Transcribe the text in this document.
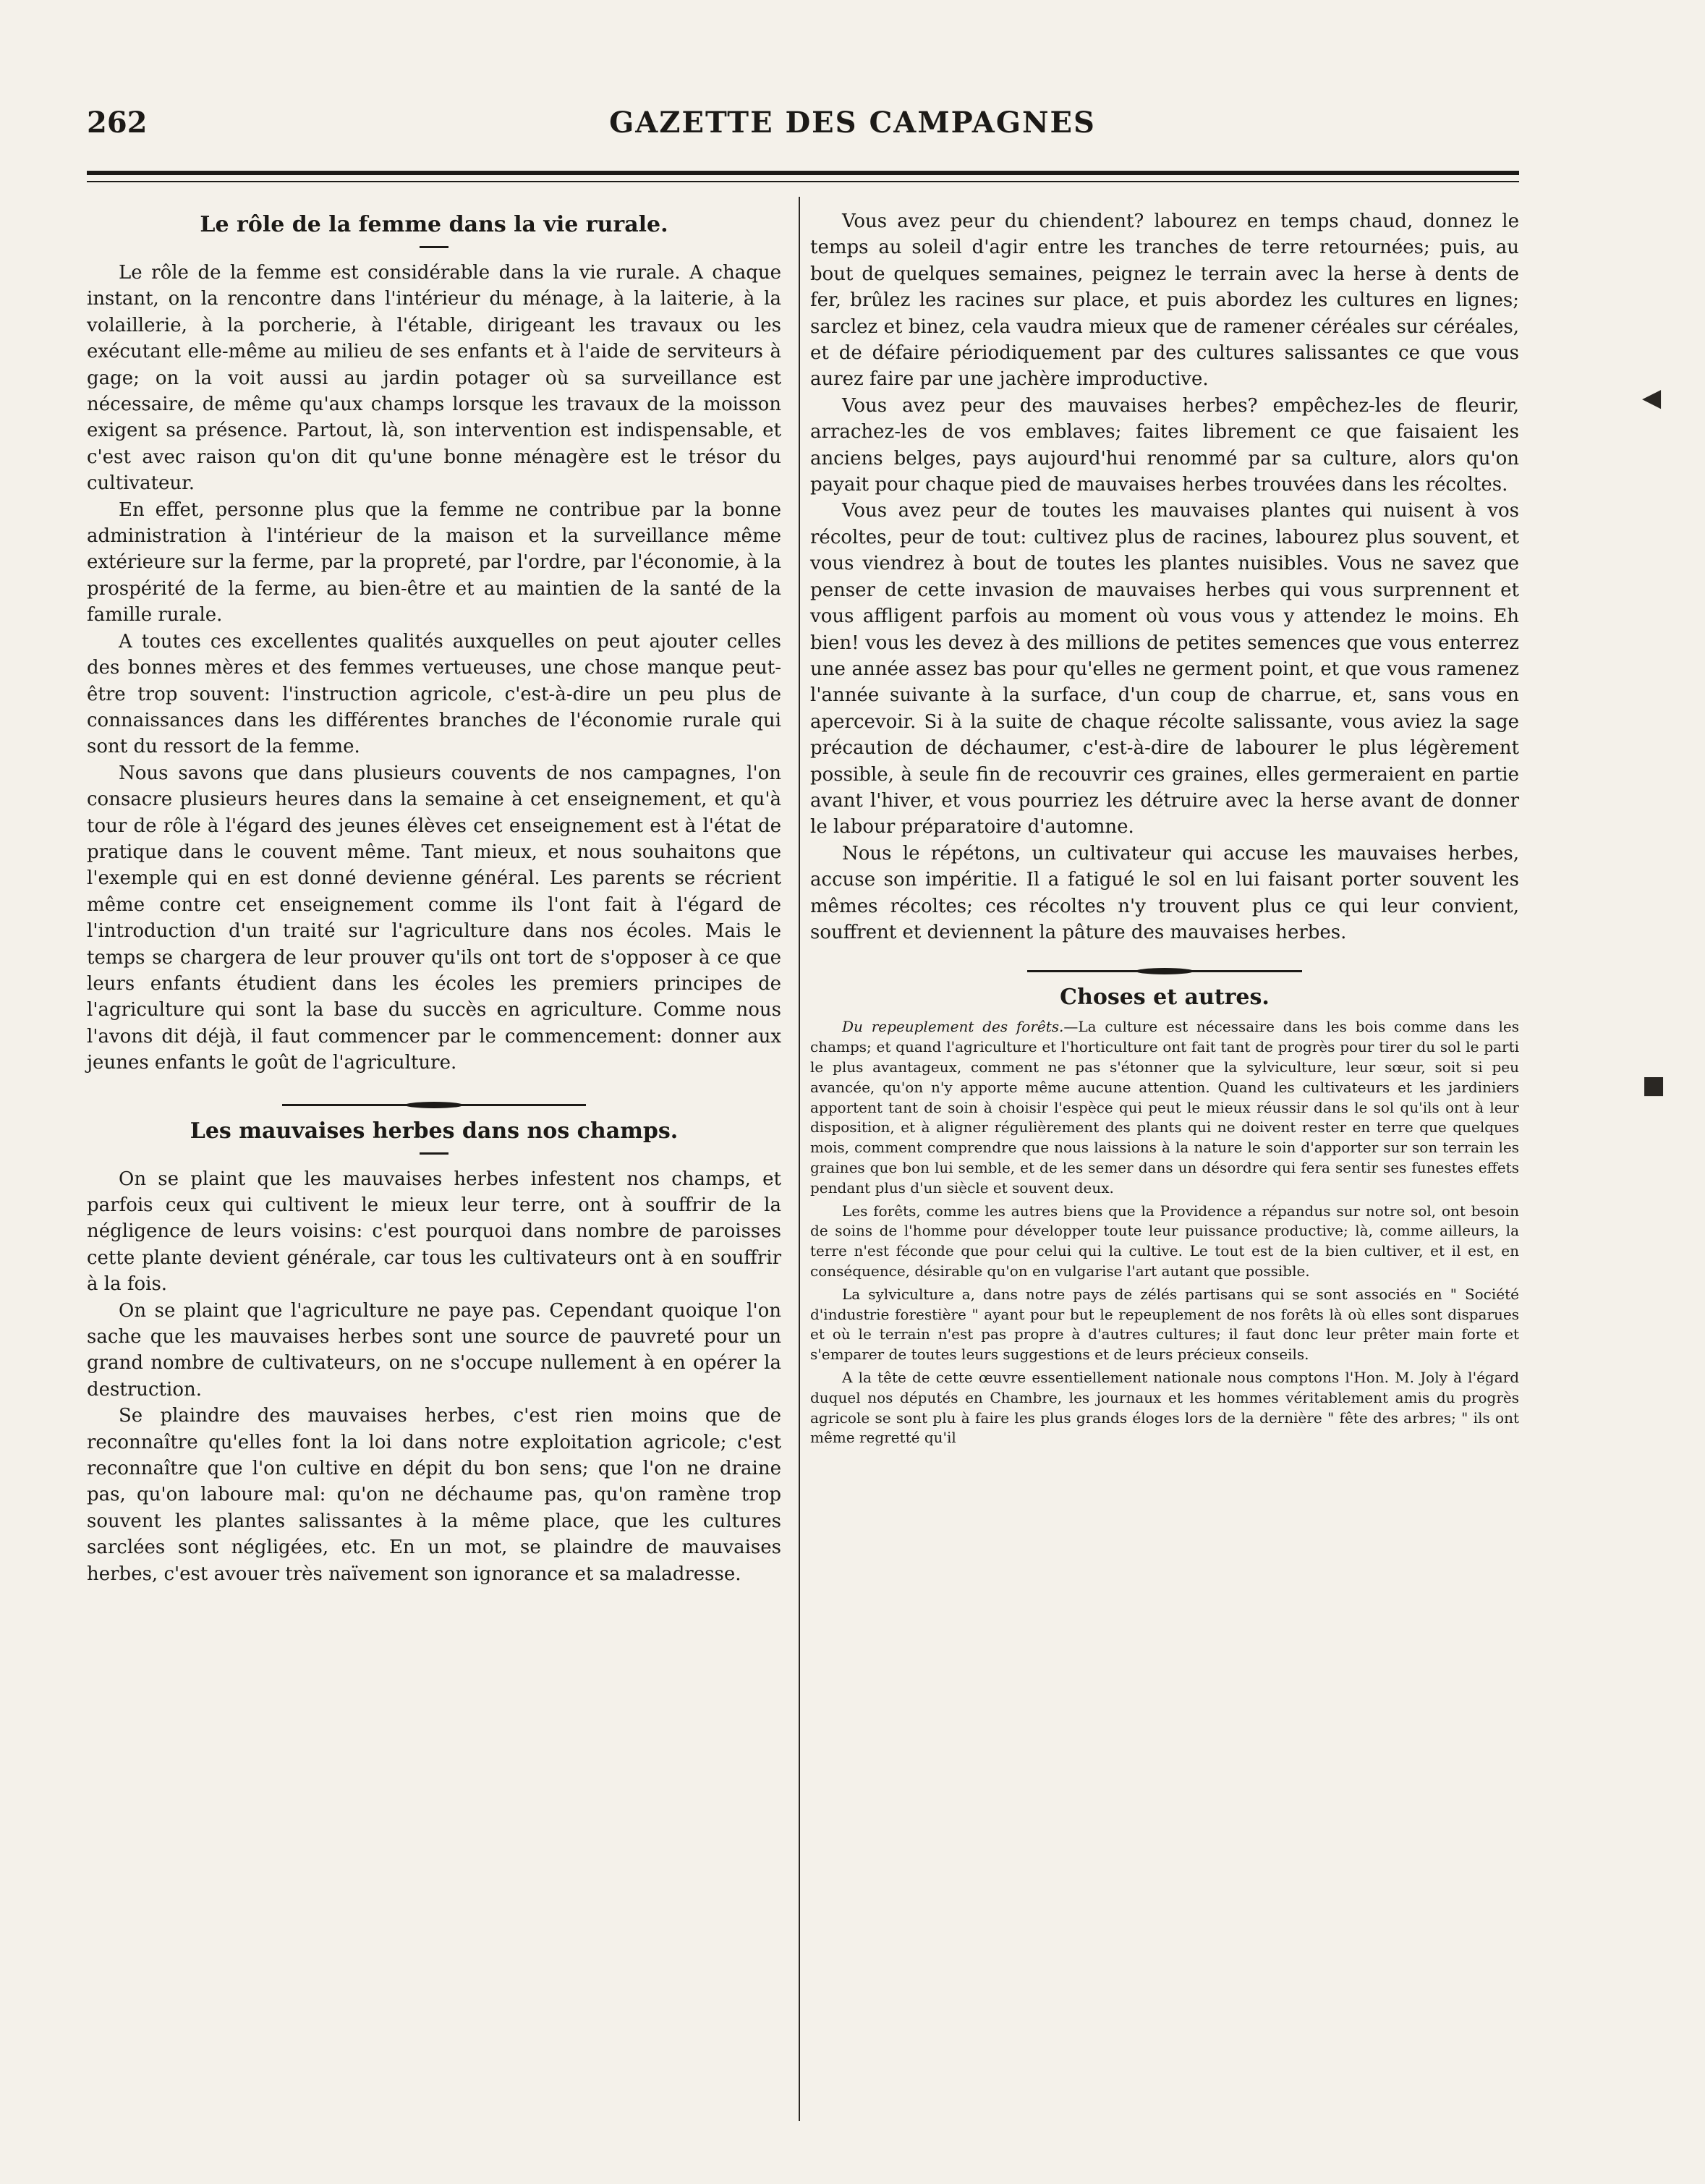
262	GAZETTE DES CAMPAGNES
Le rôle de la femme dans la vie rurale.

Le rôle de la femme est considérable dans la vie rurale. A chaque instant, on la rencontre dans l'intérieur du ménage, à la laiterie, à la volaillerie, à la porcherie, à l'étable, dirigeant les travaux ou les exécutant elle-même au milieu de ses enfants et à l'aide de serviteurs à gage; on la voit aussi au jardin potager où sa surveillance est nécessaire, de même qu'aux champs lorsque les travaux de la moisson exigent sa présence. Partout, là, son intervention est indispensable, et c'est avec raison qu'on dit qu'une bonne ménagère est le trésor du cultivateur.

En effet, personne plus que la femme ne contribue par la bonne administration à l'intérieur de la maison et la surveillance même extérieure sur la ferme, par la propreté, par l'ordre, par l'économie, à la prospérité de la ferme, au bien-être et au maintien de la santé de la famille rurale.

A toutes ces excellentes qualités auxquelles on peut ajouter celles des bonnes mères et des femmes vertueuses, une chose manque peut-être trop souvent: l'instruction agricole, c'est-à-dire un peu plus de connaissances dans les différentes branches de l'économie rurale qui sont du ressort de la femme.

Nous savons que dans plusieurs couvents de nos campagnes, l'on consacre plusieurs heures dans la semaine à cet enseignement, et qu'à tour de rôle à l'égard des jeunes élèves cet enseignement est à l'état de pratique dans le couvent même. Tant mieux, et nous souhaitons que l'exemple qui en est donné devienne général. Les parents se récrient même contre cet enseignement comme ils l'ont fait à l'égard de l'introduction d'un traité sur l'agriculture dans nos écoles. Mais le temps se chargera de leur prouver qu'ils ont tort de s'opposer à ce que leurs enfants étudient dans les écoles les premiers principes de l'agriculture qui sont la base du succès en agriculture. Comme nous l'avons dit déjà, il faut commencer par le commencement: donner aux jeunes enfants le goût de l'agriculture.

Les mauvaises herbes dans nos champs.

On se plaint que les mauvaises herbes infestent nos champs, et parfois ceux qui cultivent le mieux leur terre, ont à souffrir de la négligence de leurs voisins: c'est pourquoi dans nombre de paroisses cette plante devient générale, car tous les cultivateurs ont à en souffrir à la fois.

On se plaint que l'agriculture ne paye pas. Cependant quoique l'on sache que les mauvaises herbes sont une source de pauvreté pour un grand nombre de cultivateurs, on ne s'occupe nullement à en opérer la destruction.

Se plaindre des mauvaises herbes, c'est rien moins que de reconnaître qu'elles font la loi dans notre exploitation agricole; c'est reconnaître que l'on cultive en dépit du bon sens; que l'on ne draine pas, qu'on laboure mal: qu'on ne déchaume pas, qu'on ramène trop souvent les plantes salissantes à la même place, que les cultures sarclées sont négligées, etc. En un mot, se plaindre de mauvaises herbes, c'est avouer très naïvement son ignorance et sa maladresse.

Vous avez peur du chiendent? labourez en temps chaud, donnez le temps au soleil d'agir entre les tranches de terre retournées; puis, au bout de quelques semaines, peignez le terrain avec la herse à dents de fer, brûlez les racines sur place, et puis abordez les cultures en lignes; sarclez et binez, cela vaudra mieux que de ramener céréales sur céréales, et de défaire périodiquement par des cultures salissantes ce que vous aurez faire par une jachère improductive.

Vous avez peur des mauvaises herbes? empêchez-les de fleurir, arrachez-les de vos emblaves; faites librement ce que faisaient les anciens belges, pays aujourd'hui renommé par sa culture, alors qu'on payait pour chaque pied de mauvaises herbes trouvées dans les récoltes.

Vous avez peur de toutes les mauvaises plantes qui nuisent à vos récoltes, peur de tout: cultivez plus de racines, labourez plus souvent, et vous viendrez à bout de toutes les plantes nuisibles. Vous ne savez que penser de cette invasion de mauvaises herbes qui vous surprennent et vous affligent parfois au moment où vous vous y attendez le moins. Eh bien! vous les devez à des millions de petites semences que vous enterrez une année assez bas pour qu'elles ne germent point, et que vous ramenez l'année suivante à la surface, d'un coup de charrue, et, sans vous en apercevoir. Si à la suite de chaque récolte salissante, vous aviez la sage précaution de déchaumer, c'est-à-dire de labourer le plus légèrement possible, à seule fin de recouvrir ces graines, elles germeraient en partie avant l'hiver, et vous pourriez les détruire avec la herse avant de donner le labour préparatoire d'automne.

Nous le répétons, un cultivateur qui accuse les mauvaises herbes, accuse son impéritie. Il a fatigué le sol en lui faisant porter souvent les mêmes récoltes; ces récoltes n'y trouvent plus ce qui leur convient, souffrent et deviennent la pâture des mauvaises herbes.

Choses et autres.

Du repeuplement des forêts.—La culture est nécessaire dans les bois comme dans les champs; et quand l'agriculture et l'horticulture ont fait tant de progrès pour tirer du sol le parti le plus avantageux, comment ne pas s'étonner que la sylviculture, leur sœur, soit si peu avancée, qu'on n'y apporte même aucune attention. Quand les cultivateurs et les jardiniers apportent tant de soin à choisir l'espèce qui peut le mieux réussir dans le sol qu'ils ont à leur disposition, et à aligner régulièrement des plants qui ne doivent rester en terre que quelques mois, comment comprendre que nous laissions à la nature le soin d'apporter sur son terrain les graines que bon lui semble, et de les semer dans un désordre qui fera sentir ses funestes effets pendant plus d'un siècle et souvent deux.

Les forêts, comme les autres biens que la Providence a répandus sur notre sol, ont besoin de soins de l'homme pour développer toute leur puissance productive; là, comme ailleurs, la terre n'est féconde que pour celui qui la cultive. Le tout est de la bien cultiver, et il est, en conséquence, désirable qu'on en vulgarise l'art autant que possible.

La sylviculture a, dans notre pays de zélés partisans qui se sont associés en " Société d'industrie forestière " ayant pour but le repeuplement de nos forêts là où elles sont disparues et où le terrain n'est pas propre à d'autres cultures; il faut donc leur prêter main forte et s'emparer de toutes leurs suggestions et de leurs précieux conseils.

A la tête de cette œuvre essentiellement nationale nous comptons l'Hon. M. Joly à l'égard duquel nos députés en Chambre, les journaux et les hommes véritablement amis du progrès agricole se sont plu à faire les plus grands éloges lors de la dernière " fête des arbres; " ils ont même regretté qu'il

◀
■
